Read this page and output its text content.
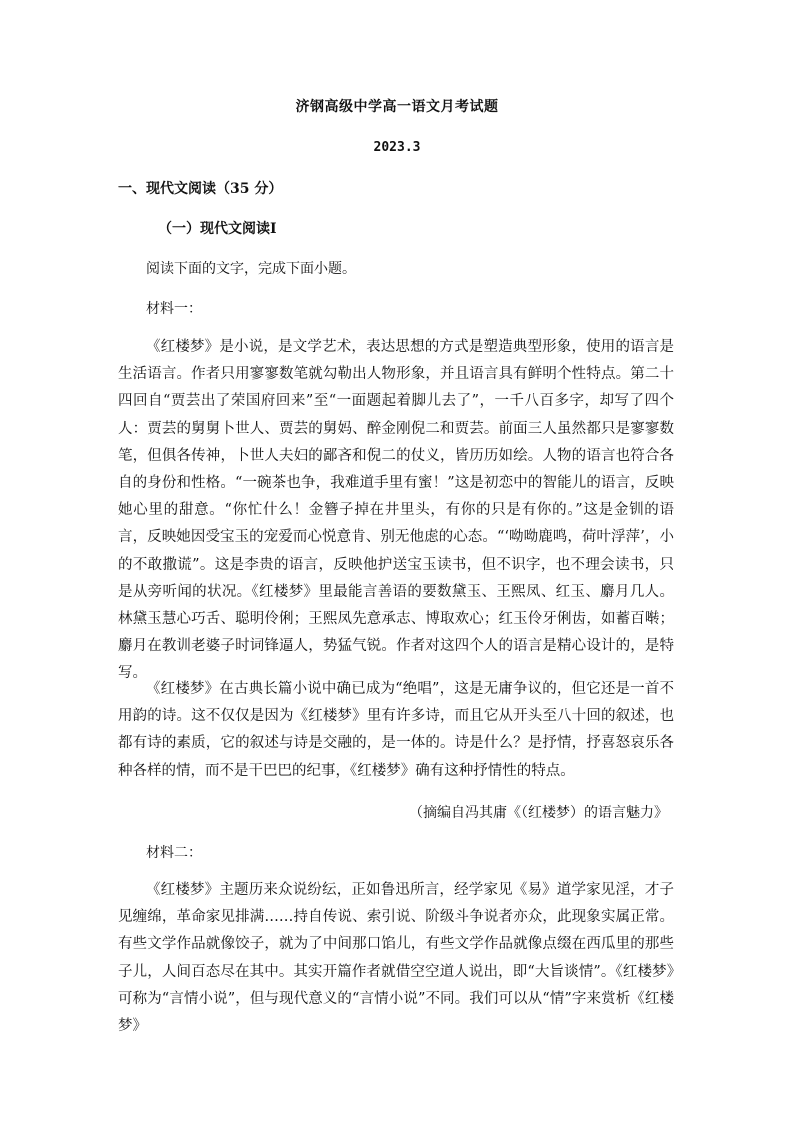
济钢高级中学高一语文月考试题
2023.3
一、现代文阅读（35 分）
（一）现代文阅读Ⅰ
阅读下面的文字，完成下面小题。
材料一：

《红楼梦》是小说，是文学艺术，表达思想的方式是塑造典型形象，使用的语言是生活语言。作者只用寥寥数笔就勾勒出人物形象，并且语言具有鲜明个性特点。第二十四回自“贾芸出了荣国府回来”至“一面题起着脚儿去了”，一千八百多字，却写了四个人：贾芸的舅舅卜世人、贾芸的舅妈、醉金刚倪二和贾芸。前面三人虽然都只是寥寥数笔，但俱各传神，卜世人夫妇的鄙吝和倪二的仗义，皆历历如绘。人物的语言也符合各自的身份和性格。“一碗茶也争，我难道手里有蜜！”这是初恋中的智能儿的语言，反映她心里的甜意。“你忙什么！金簪子掉在井里头，有你的只是有你的。”这是金钏的语言，反映她因受宝玉的宠爱而心悦意肯、别无他虑的心态。“‘呦呦鹿鸣，荷叶浮萍’，小的不敢撒谎”。这是李贵的语言，反映他护送宝玉读书，但不识字，也不理会读书，只是从旁听闻的状况。《红楼梦》里最能言善语的要数黛玉、王熙凤、红玉、麝月几人。林黛玉慧心巧舌、聪明伶俐；王熙凤先意承志、博取欢心；红玉伶牙俐齿，如蓄百啭；麝月在教训老婆子时词锋逼人，势猛气锐。作者对这四个人的语言是精心设计的，是特写。

《红楼梦》在古典长篇小说中确已成为“绝唱”，这是无庸争议的，但它还是一首不用韵的诗。这不仅仅是因为《红楼梦》里有许多诗，而且它从开头至八十回的叙述，也都有诗的素质，它的叙述与诗是交融的，是一体的。诗是什么？是抒情，抒喜怒哀乐各种各样的情，而不是干巴巴的纪事，《红楼梦》确有这种抒情性的特点。

（摘编自冯其庸《（红楼梦）的语言魅力》
材料二：

《红楼梦》主题历来众说纷纭，正如鲁迅所言，经学家见《易》道学家见淫，才子见缠绵，革命家见排满……持自传说、索引说、阶级斗争说者亦众，此现象实属正常。有些文学作品就像饺子，就为了中间那口馅儿，有些文学作品就像点缀在西瓜里的那些子儿，人间百态尽在其中。其实开篇作者就借空空道人说出，即“大旨谈情”。《红楼梦》可称为“言情小说”，但与现代意义的“言情小说”不同。我们可以从“情”字来赏析《红楼梦》
